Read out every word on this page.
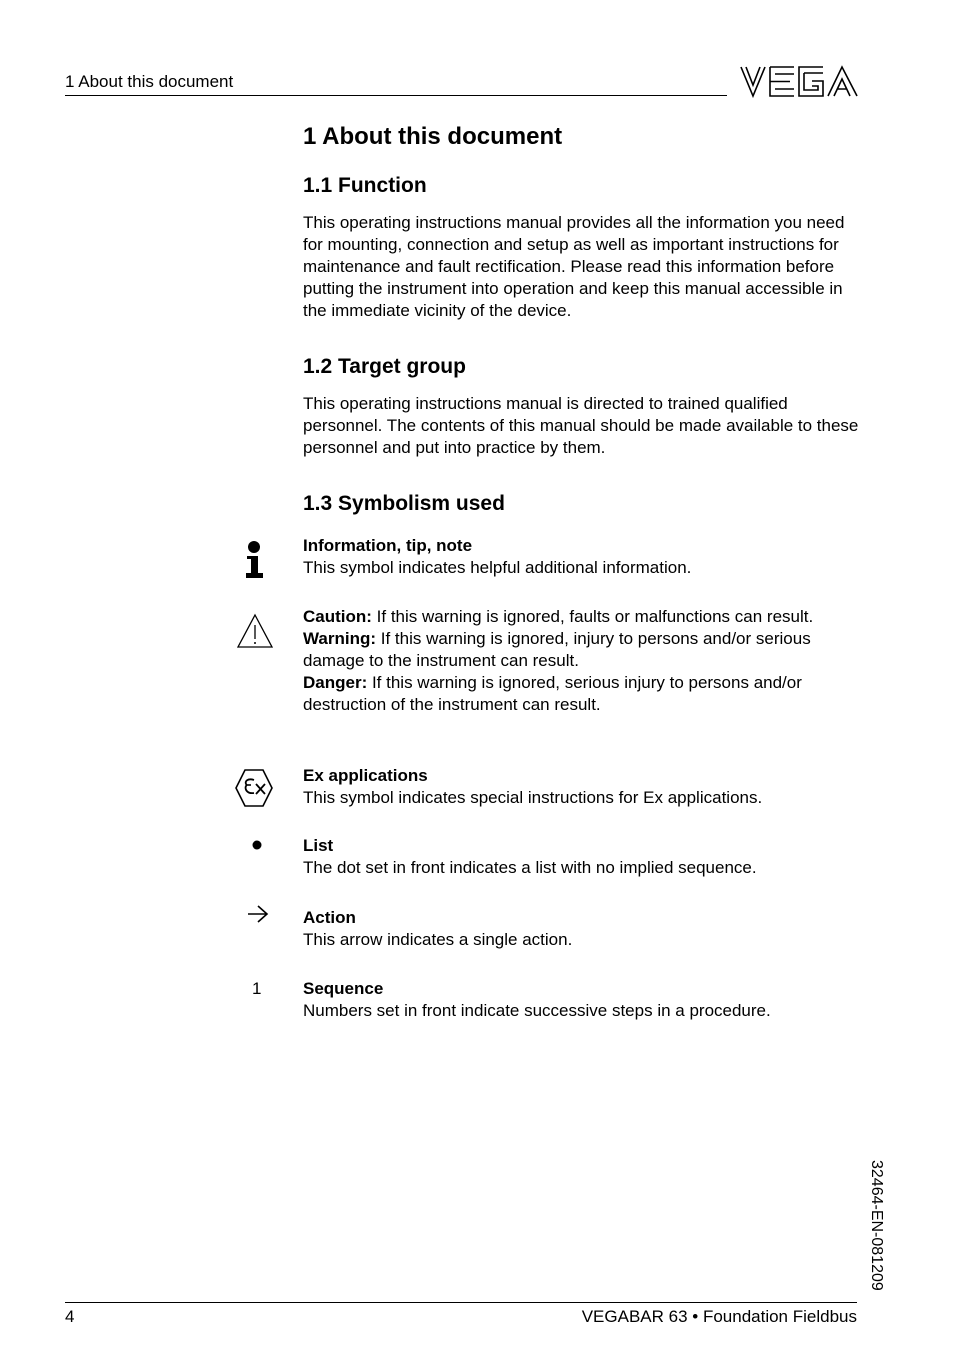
1 About this document
1 About this document
1.1 Function
This operating instructions manual provides all the information you need for mounting, connection and setup as well as important instructions for maintenance and fault rectification. Please read this information before putting the instrument into operation and keep this manual accessible in the immediate vicinity of the device.
1.2 Target group
This operating instructions manual is directed to trained qualified personnel. The contents of this manual should be made available to these personnel and put into practice by them.
1.3 Symbolism used
Information, tip, note
This symbol indicates helpful additional information.
Caution: If this warning is ignored, faults or malfunctions can result.
Warning: If this warning is ignored, injury to persons and/or serious damage to the instrument can result.
Danger: If this warning is ignored, serious injury to persons and/or destruction of the instrument can result.
Ex applications
This symbol indicates special instructions for Ex applications.
List
The dot set in front indicates a list with no implied sequence.
Action
This arrow indicates a single action.
1 Sequence
Numbers set in front indicate successive steps in a procedure.
32464-EN-081209
4	VEGABAR 63 • Foundation Fieldbus
